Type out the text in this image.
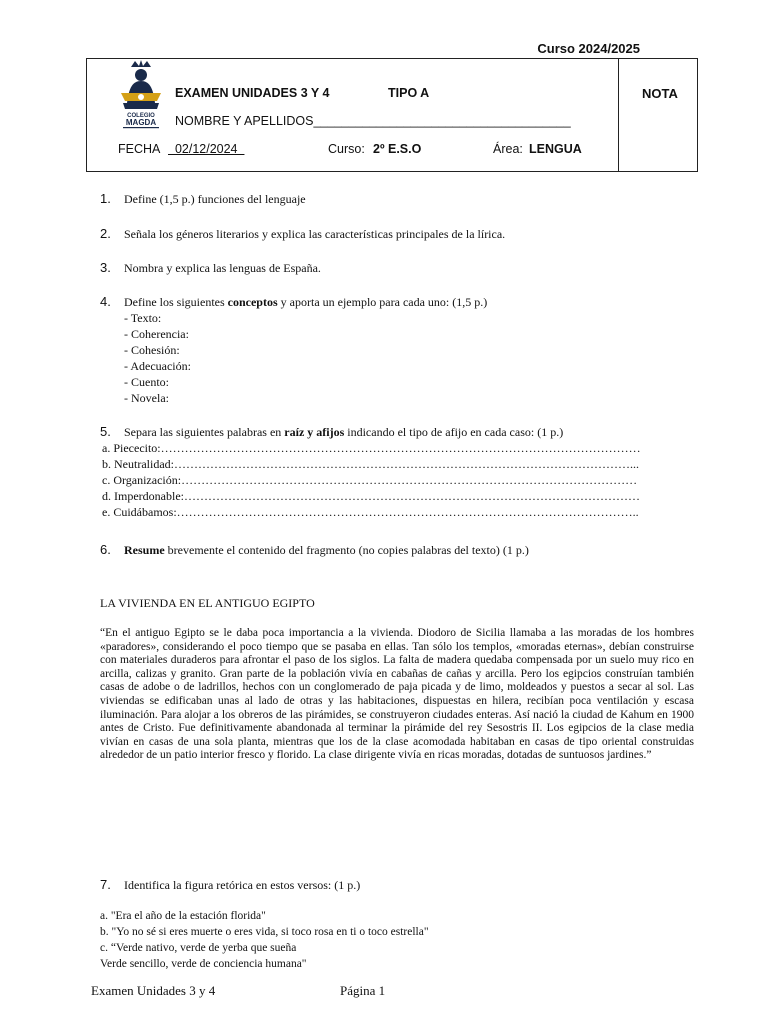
Curso 2024/2025
COLEGIO
MAGDA
EXAMEN UNIDADES 3 Y 4	TIPO A
NOMBRE Y APELLIDOS_____________________________________
FECHA 02/12/2024	Curso: 2º E.S.O	Área: LENGUA
NOTA
1. Define (1,5 p.) funciones del lenguaje
2. Señala los géneros literarios y explica las características principales de la lírica.
3. Nombra y explica las lenguas de España.
4. Define los siguientes conceptos y aporta un ejemplo para cada uno: (1,5 p.)
- Texto:
- Coherencia:
- Cohesión:
- Adecuación:
- Cuento:
- Novela:
5. Separa las siguientes palabras en raíz y afijos indicando el tipo de afijo en cada caso: (1 p.)
a. Piececito:…………………………………………………………………………………………………………
b. Neutralidad:……………………………………………………………………………………………………...
c. Organización:……………………………………………………………………………………………………
d. Imperdonable:……………………………………………………………………………………………………
e. Cuidábamos:……………………………………………………………………………………………………..
6. Resume brevemente el contenido del fragmento (no copies palabras del texto) (1 p.)
LA VIVIENDA EN EL ANTIGUO EGIPTO
“En el antiguo Egipto se le daba poca importancia a la vivienda. Diodoro de Sicilia llamaba a las moradas de los hombres «paradores», considerando el poco tiempo que se pasaba en ellas. Tan sólo los templos, «moradas eternas», debían construirse con materiales duraderos para afrontar el paso de los siglos. La falta de madera quedaba compensada por un suelo muy rico en arcilla, calizas y granito. Gran parte de la población vivía en cabañas de cañas y arcilla. Pero los egipcios construían también casas de adobe o de ladrillos, hechos con un conglomerado de paja picada y de limo, moldeados y puestos a secar al sol. Las viviendas se edificaban unas al lado de otras y las habitaciones, dispuestas en hilera, recibían poca ventilación y escasa iluminación. Para alojar a los obreros de las pirámides, se construyeron ciudades enteras. Así nació la ciudad de Kahum en 1900 antes de Cristo. Fue definitivamente abandonada al terminar la pirámide del rey Sesostris II. Los egipcios de la clase media vivían en casas de una sola planta, mientras que los de la clase acomodada habitaban en casas de tipo oriental construidas alrededor de un patio interior fresco y florido. La clase dirigente vivía en ricas moradas, dotadas de suntuosos jardines.”
7. Identifica la figura retórica en estos versos: (1 p.)
a. "Era el año de la estación florida"
b. "Yo no sé si eres muerte o eres vida, si toco rosa en ti o toco estrella"
c. “Verde nativo, verde de yerba que sueña
Verde sencillo, verde de conciencia humana"
Examen Unidades 3 y 4	Página 1
